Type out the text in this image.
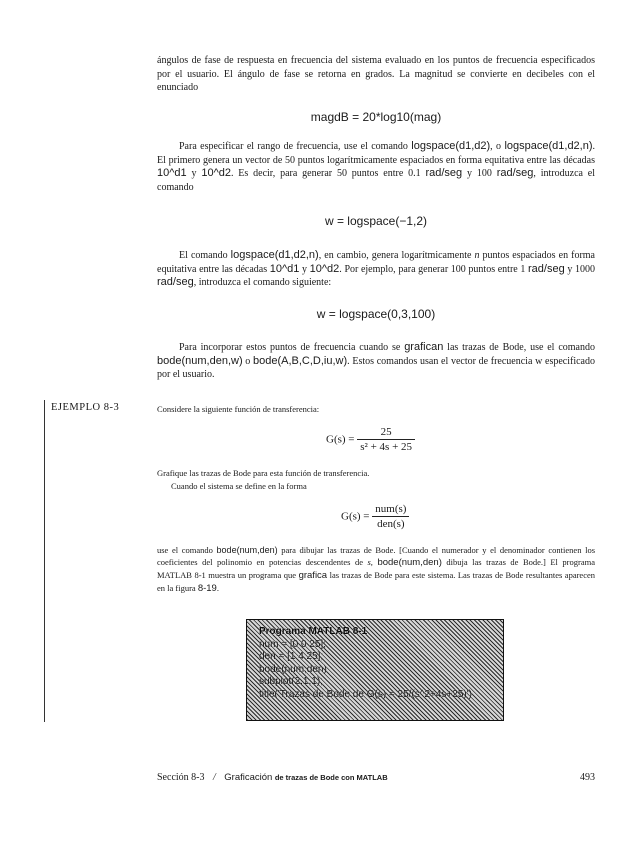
ángulos de fase de respuesta en frecuencia del sistema evaluado en los puntos de frecuencia especificados por el usuario. El ángulo de fase se retorna en grados. La magnitud se convierte en decibeles con el enunciado
magdB = 20*log10(mag)
Para especificar el rango de frecuencia, use el comando logspace(d1,d2), o logspace(d1,d2,n). El primero genera un vector de 50 puntos logarítmicamente espaciados en forma equitativa entre las décadas 10^d1 y 10^d2. Es decir, para generar 50 puntos entre 0.1 rad/seg y 100 rad/seg, introduzca el comando
w = logspace(−1,2)
El comando logspace(d1,d2,n), en cambio, genera logarítmicamente n puntos espaciados en forma equitativa entre las décadas 10^d1 y 10^d2. Por ejemplo, para generar 100 puntos entre 1 rad/seg y 1000 rad/seg, introduzca el comando siguiente:
w = logspace(0,3,100)
Para incorporar estos puntos de frecuencia cuando se grafican las trazas de Bode, use el comando bode(num,den,w) o bode(A,B,C,D,iu,w). Estos comandos usan el vector de frecuencia w especificado por el usuario.
EJEMPLO 8-3	Considere la siguiente función de transferencia:
$G(s) = \frac{25}{\text{s² + 4s + 25}}$
Grafique las trazas de Bode para esta función de transferencia.
Cuando el sistema se define en la forma
$G(s) = \frac{\text{num(s)}}{\text{den(s)}}$
use el comando bode(num,den) para dibujar las trazas de Bode. [Cuando el numerador y el denominador contienen los coeficientes del polinomio en potencias descendentes de s, bode(num,den) dibuja las trazas de Bode.] El programa MATLAB 8-1 muestra un programa que grafica las trazas de Bode para este sistema. Las trazas de Bode resultantes aparecen en la figura 8-19.
Programa MATLAB 8-1
num = [0 0 25];
den = [1 4 25];
bode(num,den)
subplot(2,1,1);
title('Trazas de Bode de G(s) = 25/(s^2+4s+25)')
Sección 8-3 / Graficación de trazas de Bode con MATLAB	493
